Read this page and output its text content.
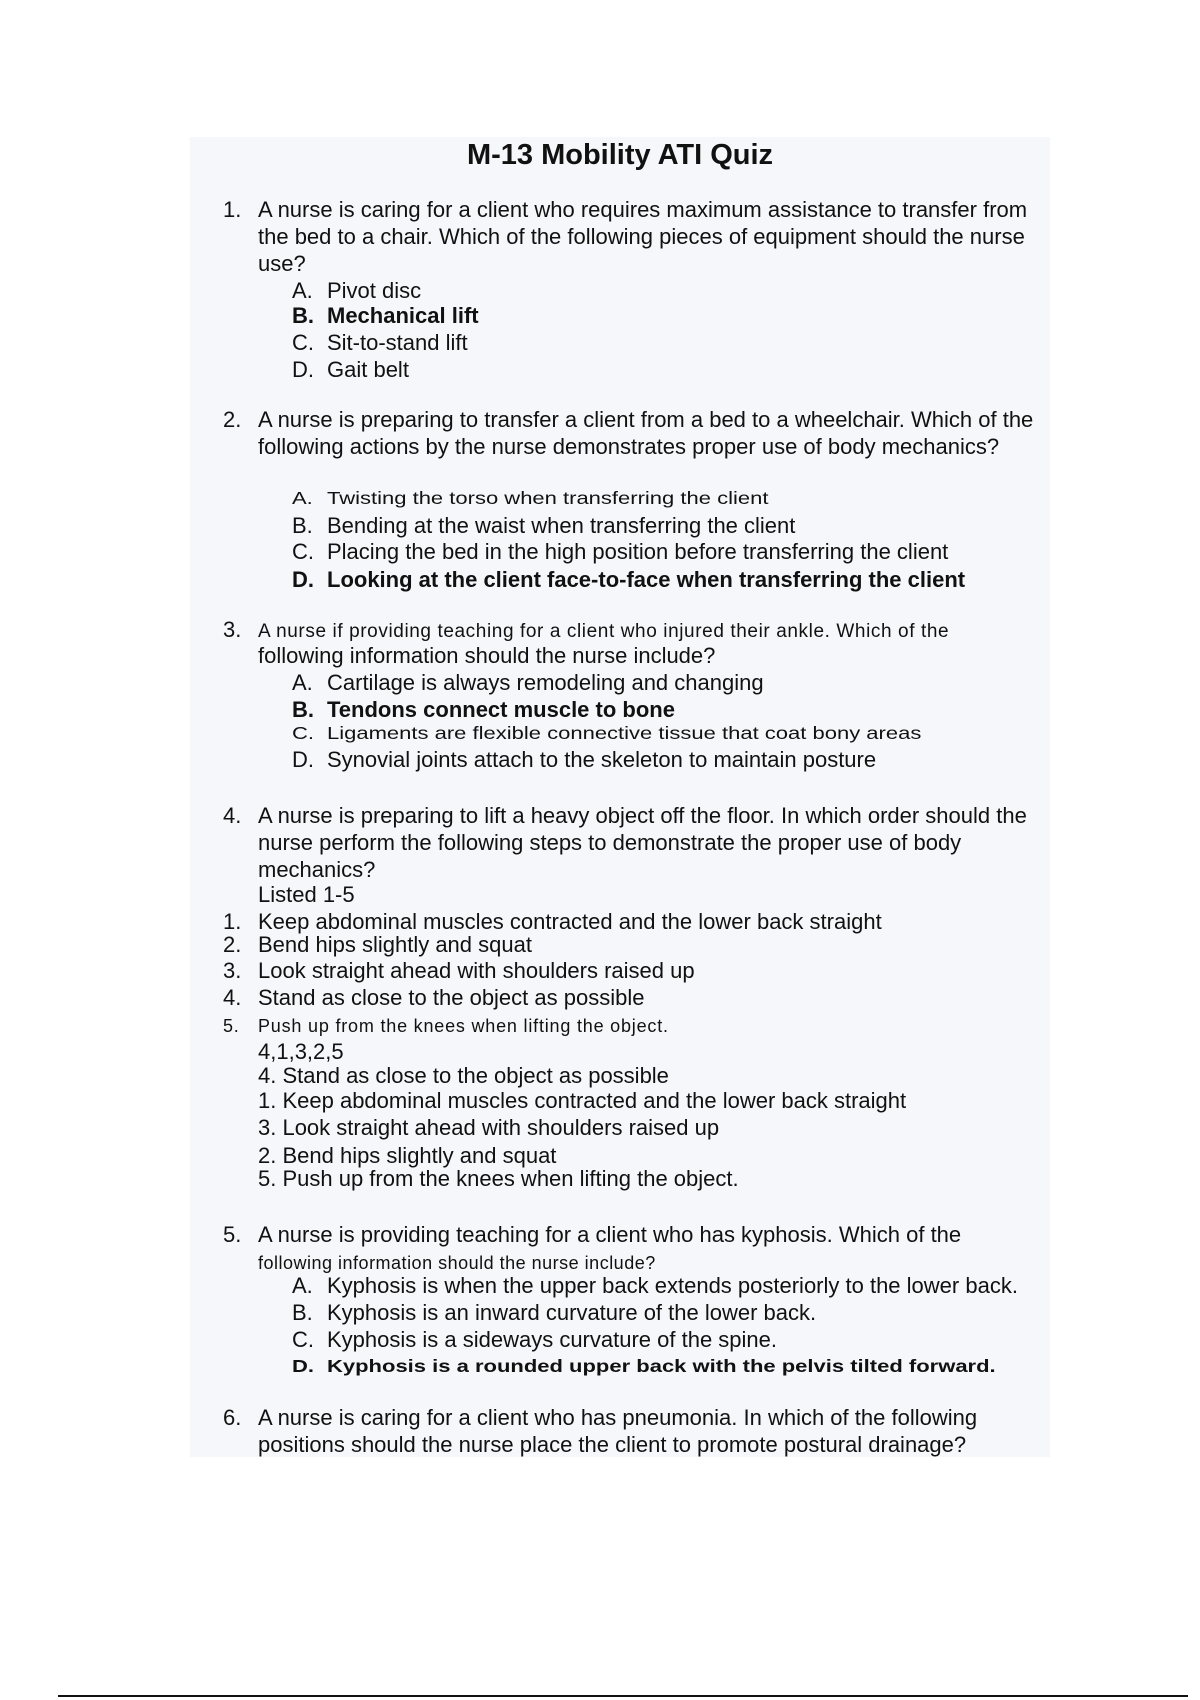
M-13 Mobility ATI Quiz
1. A nurse is caring for a client who requires maximum assistance to transfer from the bed to a chair. Which of the following pieces of equipment should the nurse use?
A. Pivot disc
B. Mechanical lift
C. Sit-to-stand lift
D. Gait belt
2. A nurse is preparing to transfer a client from a bed to a wheelchair. Which of the following actions by the nurse demonstrates proper use of body mechanics?
A. Twisting the torso when transferring the client
B. Bending at the waist when transferring the client
C. Placing the bed in the high position before transferring the client
D. Looking at the client face-to-face when transferring the client
3. A nurse if providing teaching for a client who injured their ankle. Which of the
following information should the nurse include?
A. Cartilage is always remodeling and changing
B. Tendons connect muscle to bone
C. Ligaments are flexible connective tissue that coat bony areas
D. Synovial joints attach to the skeleton to maintain posture
4. A nurse is preparing to lift a heavy object off the floor. In which order should the nurse perform the following steps to demonstrate the proper use of body mechanics?
Listed 1-5
1. Keep abdominal muscles contracted and the lower back straight
2. Bend hips slightly and squat
3. Look straight ahead with shoulders raised up
4. Stand as close to the object as possible
5. Push up from the knees when lifting the object.
4,1,3,2,5
4. Stand as close to the object as possible
1. Keep abdominal muscles contracted and the lower back straight
3. Look straight ahead with shoulders raised up
2. Bend hips slightly and squat
5. Push up from the knees when lifting the object.
5. A nurse is providing teaching for a client who has kyphosis. Which of the
following information should the nurse include?
A. Kyphosis is when the upper back extends posteriorly to the lower back.
B. Kyphosis is an inward curvature of the lower back.
C. Kyphosis is a sideways curvature of the spine.
D. Kyphosis is a rounded upper back with the pelvis tilted forward.
6. A nurse is caring for a client who has pneumonia. In which of the following positions should the nurse place the client to promote postural drainage?
